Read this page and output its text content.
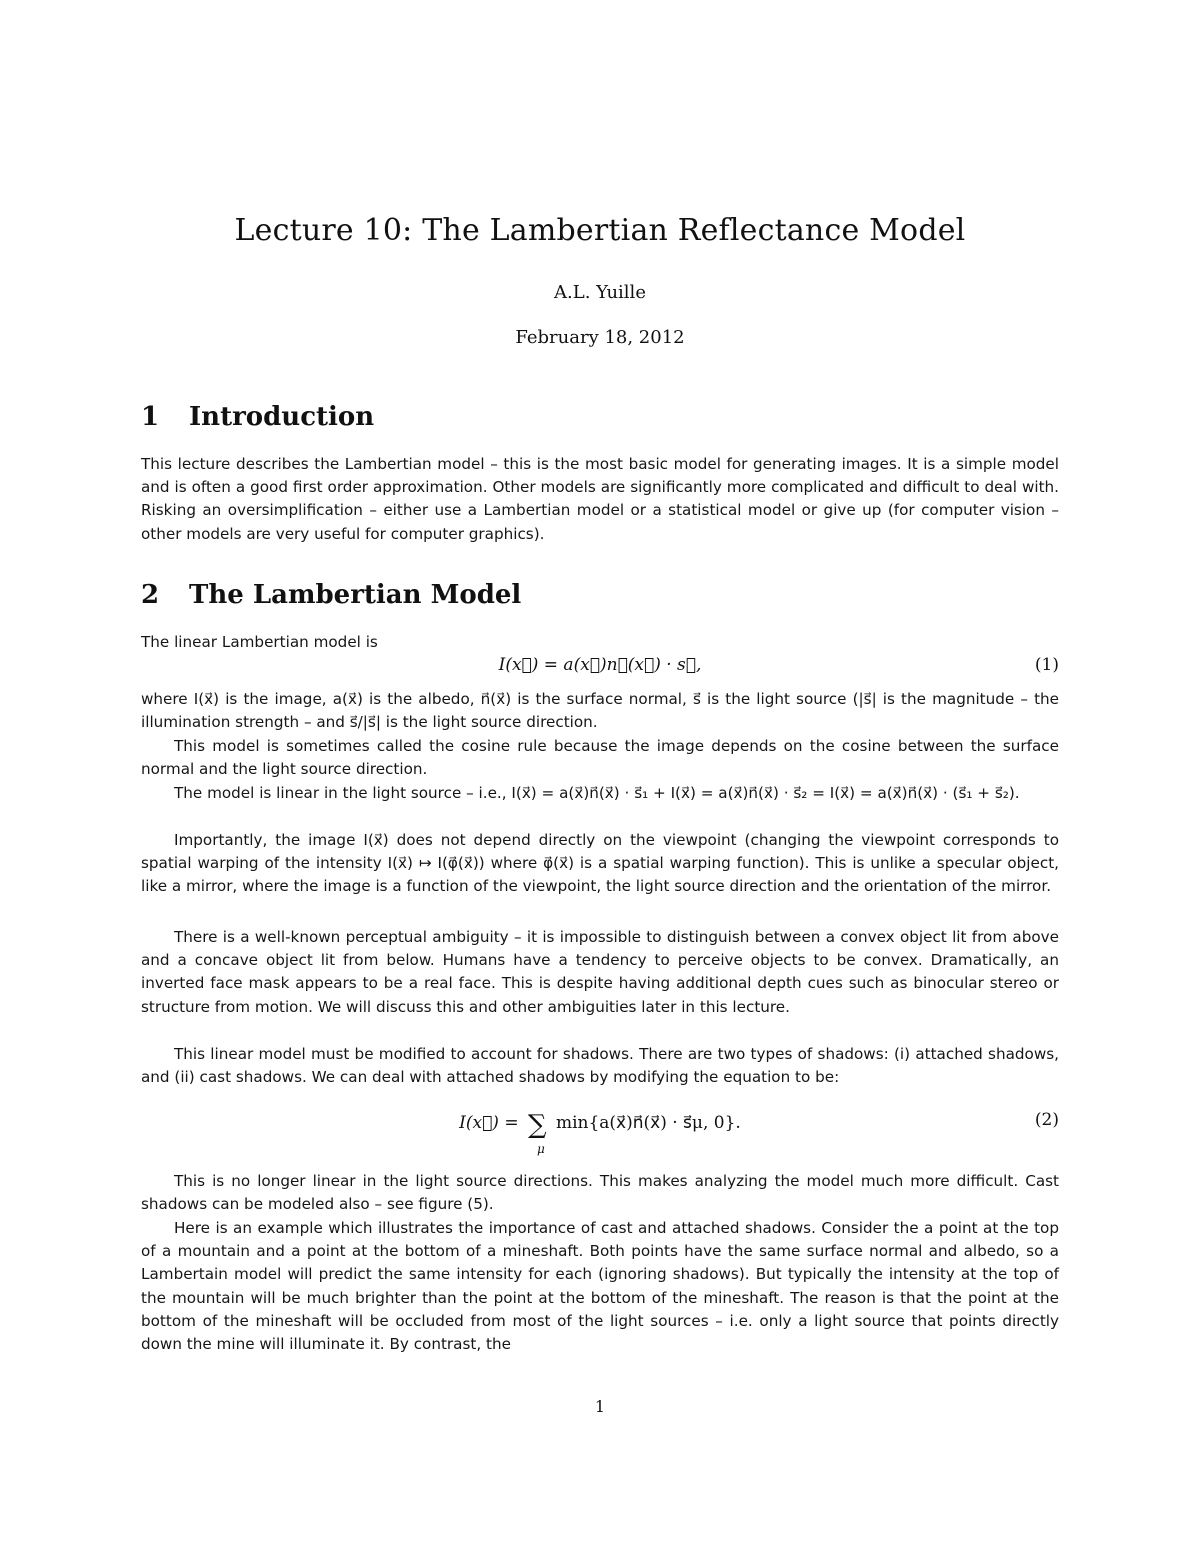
Lecture 10: The Lambertian Reflectance Model
A.L. Yuille
February 18, 2012
1 Introduction
This lecture describes the Lambertian model – this is the most basic model for generating images. It is a simple model and is often a good first order approximation. Other models are significantly more complicated and difficult to deal with. Risking an oversimplification – either use a Lambertian model or a statistical model or give up (for computer vision – other models are very useful for computer graphics).
2 The Lambertian Model
The linear Lambertian model is
I(x⃗) = a(x⃗)n⃗(x⃗) · s⃗,	(1)
where I(x⃗) is the image, a(x⃗) is the albedo, n⃗(x⃗) is the surface normal, s⃗ is the light source (|s⃗| is the magnitude – the illumination strength – and s⃗/|s⃗| is the light source direction.
This model is sometimes called the cosine rule because the image depends on the cosine between the surface normal and the light source direction.
The model is linear in the light source – i.e., I(x⃗) = a(x⃗)n⃗(x⃗) · s⃗₁ + I(x⃗) = a(x⃗)n⃗(x⃗) · s⃗₂ = I(x⃗) = a(x⃗)n⃗(x⃗) · (s⃗₁ + s⃗₂).
Importantly, the image I(x⃗) does not depend directly on the viewpoint (changing the viewpoint corresponds to spatial warping of the intensity I(x⃗) ↦ I(φ⃗(x⃗)) where φ⃗(x⃗) is a spatial warping function). This is unlike a specular object, like a mirror, where the image is a function of the viewpoint, the light source direction and the orientation of the mirror.
There is a well-known perceptual ambiguity – it is impossible to distinguish between a convex object lit from above and a concave object lit from below. Humans have a tendency to perceive objects to be convex. Dramatically, an inverted face mask appears to be a real face. This is despite having additional depth cues such as binocular stereo or structure from motion. We will discuss this and other ambiguities later in this lecture.
This linear model must be modified to account for shadows. There are two types of shadows: (i) attached shadows, and (ii) cast shadows. We can deal with attached shadows by modifying the equation to be:
I(x⃗) = ∑
μ
min{a(x⃗)n⃗(x⃗) · s⃗μ, 0}.	(2)
This is no longer linear in the light source directions. This makes analyzing the model much more difficult. Cast shadows can be modeled also – see figure (5).
Here is an example which illustrates the importance of cast and attached shadows. Consider the a point at the top of a mountain and a point at the bottom of a mineshaft. Both points have the same surface normal and albedo, so a Lambertain model will predict the same intensity for each (ignoring shadows). But typically the intensity at the top of the mountain will be much brighter than the point at the bottom of the mineshaft. The reason is that the point at the bottom of the mineshaft will be occluded from most of the light sources – i.e. only a light source that points directly down the mine will illuminate it. By contrast, the
1
